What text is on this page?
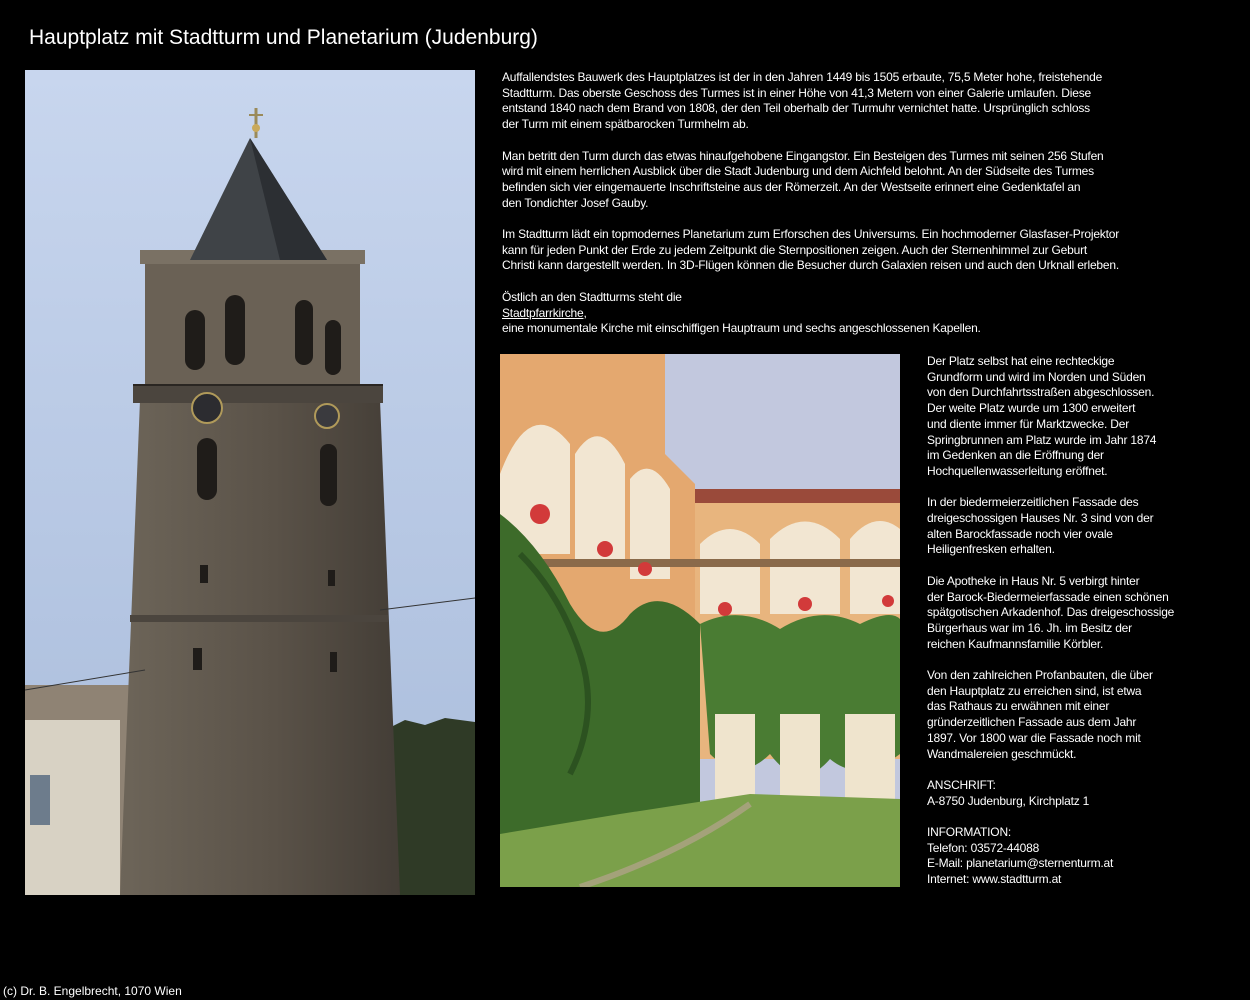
Hauptplatz mit Stadtturm und Planetarium (Judenburg)
Auffallendstes Bauwerk des Hauptplatzes ist der in den Jahren 1449 bis 1505 erbaute, 75,5 Meter hohe, freistehende
Stadtturm. Das oberste Geschoss des Turmes ist in einer Höhe von 41,3 Metern von einer Galerie umlaufen. Diese
entstand 1840 nach dem Brand von 1808, der den Teil oberhalb der Turmuhr vernichtet hatte. Ursprünglich schloss
der Turm mit einem spätbarocken Turmhelm ab.
Man betritt den Turm durch das etwas hinaufgehobene Eingangstor. Ein Besteigen des Turmes mit seinen 256 Stufen
wird mit einem herrlichen Ausblick über die Stadt Judenburg und dem Aichfeld belohnt. An der Südseite des Turmes
befinden sich vier eingemauerte Inschriftsteine aus der Römerzeit. An der Westseite erinnert eine Gedenktafel an
den Tondichter Josef Gauby.
Im Stadtturm lädt ein topmodernes Planetarium zum Erforschen des Universums. Ein hochmoderner Glasfaser-Projektor
kann für jeden Punkt der Erde zu jedem Zeitpunkt die Sternpositionen zeigen. Auch der Sternenhimmel zur Geburt
Christi kann dargestellt werden. In 3D-Flügen können die Besucher durch Galaxien reisen und auch den Urknall erleben.
Östlich an den Stadtturms steht die
Stadtpfarrkirche,
eine monumentale Kirche mit einschiffigen Hauptraum und sechs angeschlossenen Kapellen.
Der Platz selbst hat eine rechteckige
Grundform und wird im Norden und Süden
von den Durchfahrtsstraßen abgeschlossen.
Der weite Platz wurde um 1300 erweitert
und diente immer für Marktzwecke. Der
Springbrunnen am Platz wurde im Jahr 1874
im Gedenken an die Eröffnung der
Hochquellenwasserleitung eröffnet.
In der biedermeierzeitlichen Fassade des
dreigeschossigen Hauses Nr. 3 sind von der
alten Barockfassade noch vier ovale
Heiligenfresken erhalten.
Die Apotheke in Haus Nr. 5 verbirgt hinter
der Barock-Biedermeierfassade einen schönen
spätgotischen Arkadenhof. Das dreigeschossige
Bürgerhaus war im 16. Jh. im Besitz der
reichen Kaufmannsfamilie Körbler.
Von den zahlreichen Profanbauten, die über
den Hauptplatz zu erreichen sind, ist etwa
das Rathaus zu erwähnen mit einer
gründerzeitlichen Fassade aus dem Jahr
1897. Vor 1800 war die Fassade noch mit
Wandmalereien geschmückt.
ANSCHRIFT:
A-8750 Judenburg, Kirchplatz 1
INFORMATION:
Telefon: 03572-44088
E-Mail: planetarium@sternenturm.at
Internet: www.stadtturm.at
(c) Dr. B. Engelbrecht, 1070 Wien
